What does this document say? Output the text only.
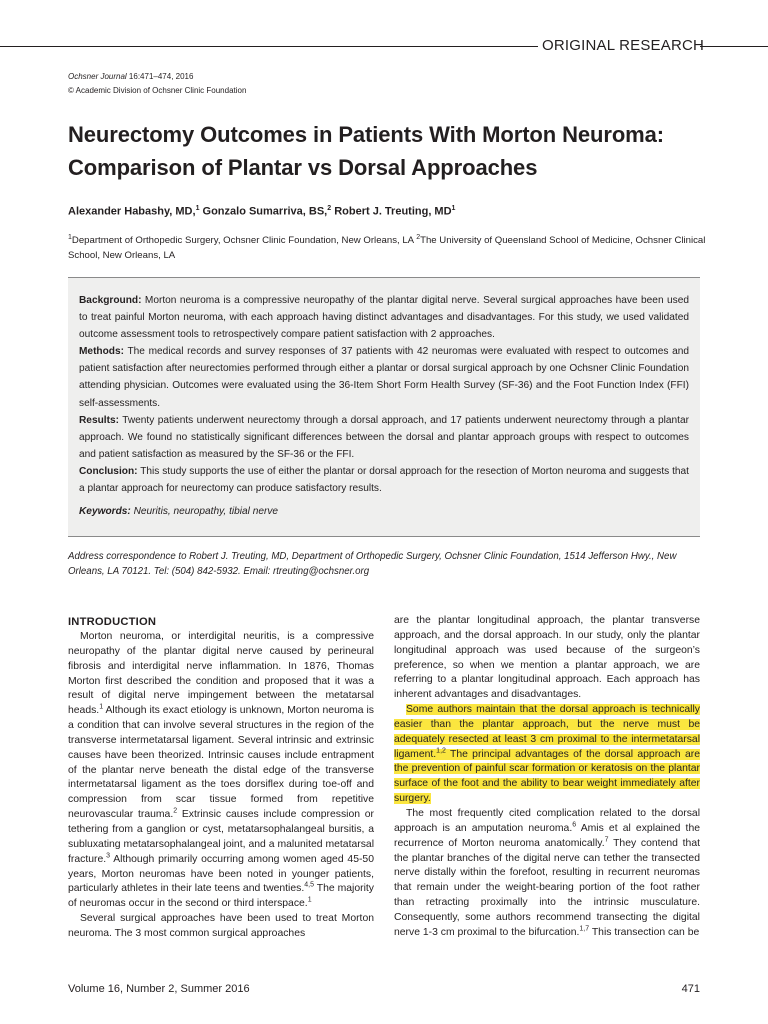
ORIGINAL RESEARCH
Ochsner Journal 16:471–474, 2016
© Academic Division of Ochsner Clinic Foundation
Neurectomy Outcomes in Patients With Morton Neuroma: Comparison of Plantar vs Dorsal Approaches
Alexander Habashy, MD,$^1$ Gonzalo Sumarriva, BS,$^2$ Robert J. Treuting, $MD^1$
$^1$Department of Orthopedic Surgery, Ochsner Clinic Foundation, New Orleans, LA $^2$The University of Queensland School of Medicine, Ochsner Clinical School, New Orleans, LA

Background: Morton neuroma is a compressive neuropathy of the plantar digital nerve. Several surgical approaches have been used to treat painful Morton neuroma, with each approach having distinct advantages and disadvantages. For this study, we used validated outcome assessment tools to retrospectively compare patient satisfaction with 2 approaches.

Methods: The medical records and survey responses of 37 patients with 42 neuromas were evaluated with respect to outcomes and patient satisfaction after neurectomies performed through either a plantar or dorsal surgical approach by one Ochsner Clinic Foundation attending physician. Outcomes were evaluated using the 36-Item Short Form Health Survey (SF-36) and the Foot Function Index (FFI) self-assessments.

Results: Twenty patients underwent neurectomy through a dorsal approach, and 17 patients underwent neurectomy through a plantar approach. We found no statistically significant differences between the dorsal and plantar approach groups with respect to outcomes and patient satisfaction as measured by the SF-36 or the FFI.

Conclusion: This study supports the use of either the plantar or dorsal approach for the resection of Morton neuroma and suggests that a plantar approach for neurectomy can produce satisfactory results.

Keywords: Neuritis, neuropathy, tibial nerve
Address correspondence to Robert J. Treuting, MD, Department of Orthopedic Surgery, Ochsner Clinic Foundation, 1514 Jefferson Hwy., New Orleans, LA 70121. Tel: (504) 842-5932. Email: rtreuting@ochsner.org
INTRODUCTION

Morton neuroma, or interdigital neuritis, is a compressive neuropathy of the plantar digital nerve caused by perineural fibrosis and interdigital nerve inflammation. In 1876, Thomas Morton first described the condition and proposed that it was a result of digital nerve impingement between the metatarsal heads.$^1$ Although its exact etiology is unknown, Morton neuroma is a condition that can involve several structures in the region of the transverse intermetatarsal ligament. Several intrinsic and extrinsic causes have been theorized. Intrinsic causes include entrapment of the plantar nerve beneath the distal edge of the transverse intermetatarsal ligament as the toes dorsiflex during toe-off and compression from scar tissue formed from repetitive neurovascular trauma.$^2$ Extrinsic causes include compression or tethering from a ganglion or cyst, metatarsophalangeal bursitis, a subluxating metatarsophalangeal joint, and a malunited metatarsal fracture.$^3$ Although primarily occurring among women aged 45-50 years, Morton neuromas have been noted in younger patients, particularly athletes in their late teens and twenties.$^{4,5}$ The majority of neuromas occur in the second or third interspace.$^1$

Several surgical approaches have been used to treat Morton neuroma. The 3 most common surgical approaches

are the plantar longitudinal approach, the plantar transverse approach, and the dorsal approach. In our study, only the plantar longitudinal approach was used because of the surgeon’s preference, so when we mention a plantar approach, we are referring to a plantar longitudinal approach. Each approach has inherent advantages and disadvantages.

Some authors maintain that the dorsal approach is technically easier than the plantar approach, but the nerve must be adequately resected at least 3 cm proximal to the intermetatarsal ligament.$^{1,2}$ The principal advantages of the dorsal approach are the prevention of painful scar formation or keratosis on the plantar surface of the foot and the ability to bear weight immediately after surgery.

The most frequently cited complication related to the dorsal approach is an amputation neuroma.$^6$ Amis et al explained the recurrence of Morton neuroma anatomically.$^7$ They contend that the plantar branches of the digital nerve can tether the transected nerve distally within the forefoot, resulting in recurrent neuromas that remain under the weight-bearing portion of the foot rather than retracting proximally into the intrinsic musculature. Consequently, some authors recommend transecting the digital nerve 1-3 cm proximal to the bifurcation.$^{1,7}$ This transection can be

Volume 16, Number 2, Summer 2016	471
